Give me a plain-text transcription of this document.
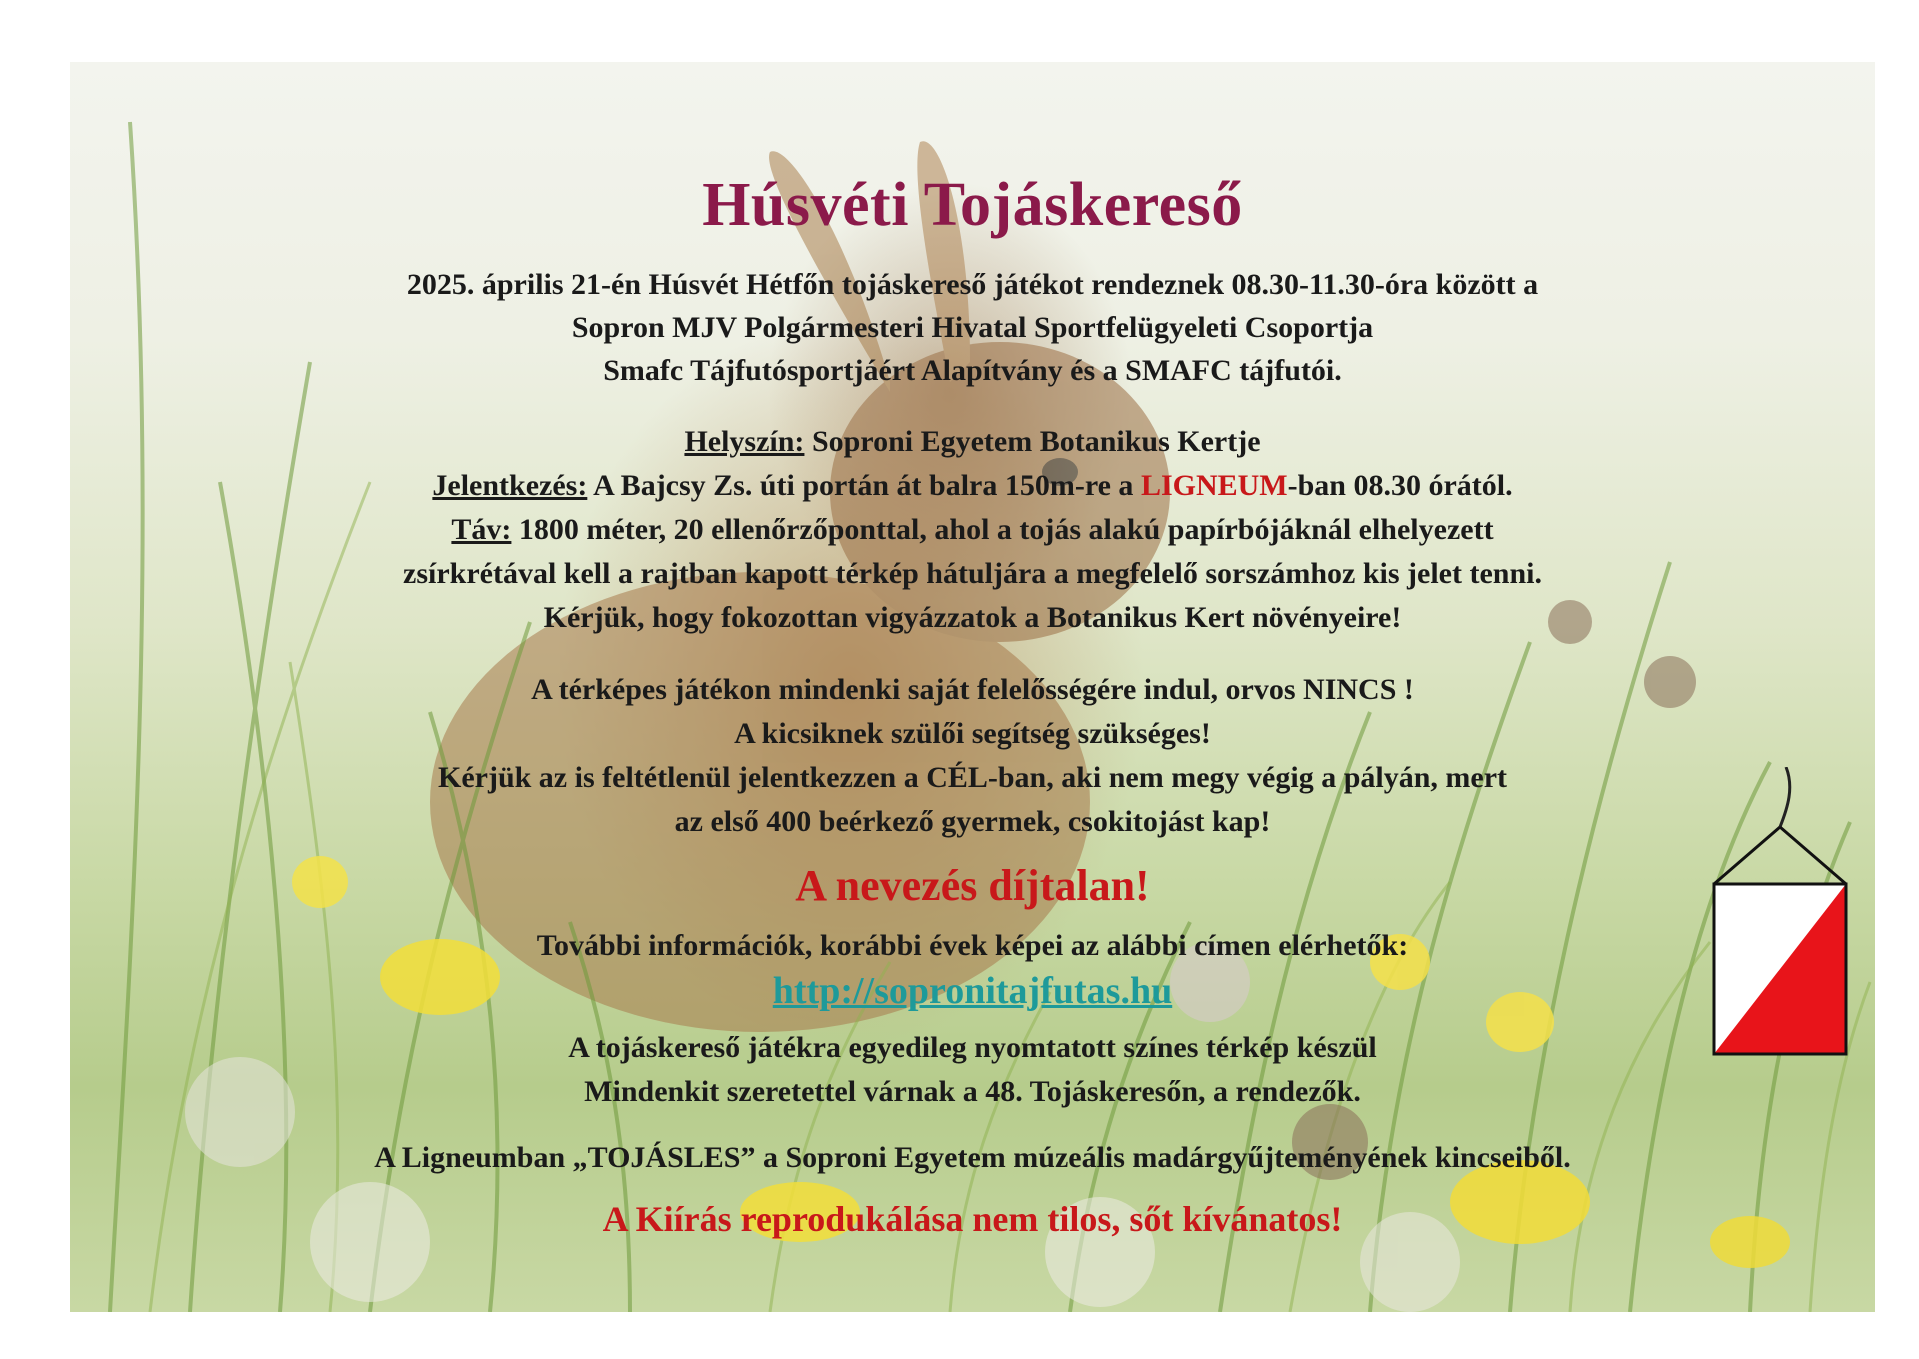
Húsvéti Tojáskereső
2025. április 21-én Húsvét Hétfőn tojáskereső játékot rendeznek 08.30-11.30-óra között a
Sopron MJV Polgármesteri Hivatal Sportfelügyeleti Csoportja
Smafc Tájfutósportjáért Alapítvány és a SMAFC tájfutói.
Helyszín: Soproni Egyetem Botanikus Kertje
Jelentkezés: A Bajcsy Zs. úti portán át balra 150m-re a LIGNEUM-ban 08.30 órától.
Táv: 1800 méter, 20 ellenőrzőponttal, ahol a tojás alakú papírbójáknál elhelyezett
zsírkrétával kell a rajtban kapott térkép hátuljára a megfelelő sorszámhoz kis jelet tenni.
Kérjük, hogy fokozottan vigyázzatok a Botanikus Kert növényeire!
A térképes játékon mindenki saját felelősségére indul, orvos NINCS !
A kicsiknek szülői segítség szükséges!
Kérjük az is feltétlenül jelentkezzen a CÉL-ban, aki nem megy végig a pályán, mert
az első 400 beérkező gyermek, csokitojást kap!
A nevezés díjtalan!
További információk, korábbi évek képei az alábbi címen elérhetők:
http://sopronitajfutas.hu
A tojáskereső játékra egyedileg nyomtatott színes térkép készül
Mindenkit szeretettel várnak a 48. Tojáskeresőn, a rendezők.
A Ligneumban „TOJÁSLES” a Soproni Egyetem múzeális madárgyűjteményének kincseiből.
A Kiírás reprodukálása nem tilos, sőt kívánatos!
